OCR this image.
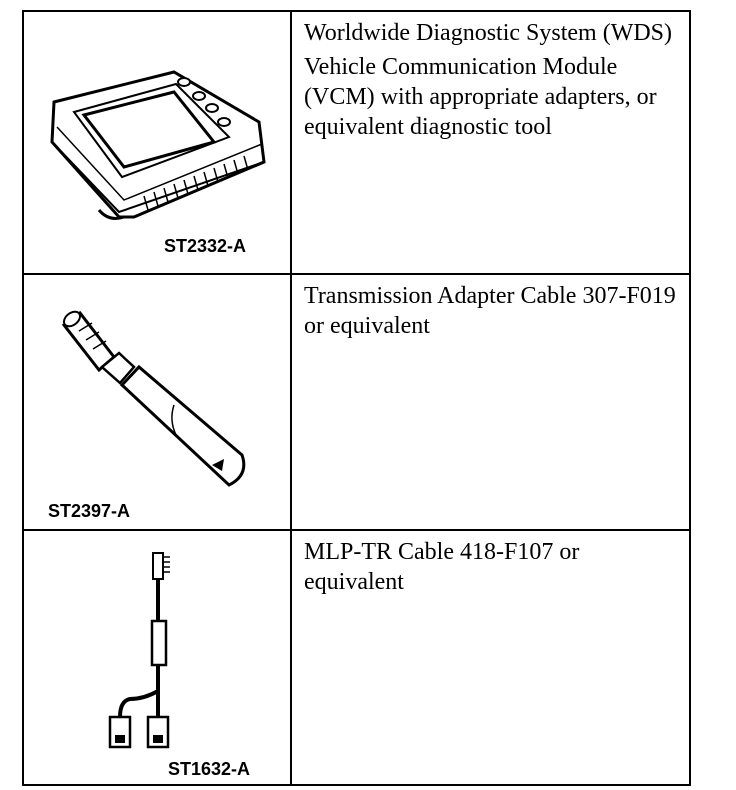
ST2332-A

Worldwide Diagnostic System (WDS)

Vehicle Communication Module (VCM) with appropriate adapters, or equivalent diagnostic tool

ST2397-A

Transmission Adapter Cable 307-F019 or equivalent

ST1632-A

MLP-TR Cable 418-F107 or equivalent
